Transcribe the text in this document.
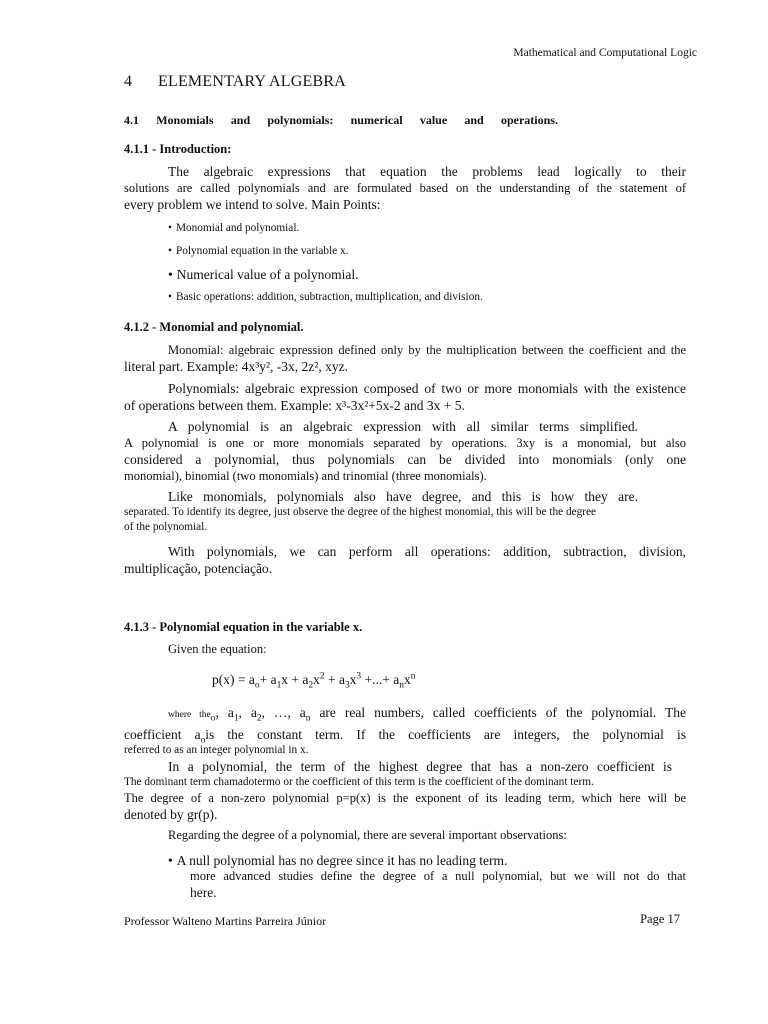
Mathematical and Computational Logic
4 ELEMENTARY ALGEBRA
4.1 Monomials and polynomials: numerical value and operations.
4.1.1 - Introduction:

The algebraic expressions that equation the problems lead logically to their

solutions are called polynomials and are formulated based on the understanding of the statement of

every problem we intend to solve. Main Points:

• Monomial and polynomial.
• Polynomial equation in the variable x.
• Numerical value of a polynomial.
• Basic operations: addition, subtraction, multiplication, and division.
4.1.2 - Monomial and polynomial.

Monomial: algebraic expression defined only by the multiplication between the coefficient and the

literal part. Example: 4x³y², -3x, 2z², xyz.

Polynomials: algebraic expression composed of two or more monomials with the existence

of operations between them. Example: x³-3x²+5x-2 and 3x + 5.

A polynomial is an algebraic expression with all similar terms simplified.

A polynomial is one or more monomials separated by operations. 3xy is a monomial, but also

considered a polynomial, thus polynomials can be divided into monomials (only one

monomial), binomial (two monomials) and trinomial (three monomials).

Like monomials, polynomials also have degree, and this is how they are.

separated. To identify its degree, just observe the degree of the highest monomial, this will be the degree

of the polynomial.

With polynomials, we can perform all operations: addition, subtraction, division,

multiplicação, potenciação.

4.1.3 - Polynomial equation in the variable x.
Given the equation:
$p(x) = a_o+ a_1x + a_2x^2 + a_3x^3$ +...+ $a_nx^n$

where the$_o$, $a_1$, $a_2$, …, $a_n$ are real numbers, called coefficients of the polynomial. The

coefficient $a_ois$ the constant term. If the coefficients are integers, the polynomial is

referred to as an integer polynomial in x.

In a polynomial, the term of the highest degree that has a non-zero coefficient is

The dominant term chamadotermo or the coefficient of this term is the coefficient of the dominant term.

The degree of a non-zero polynomial p=p(x) is the exponent of its leading term, which here will be

denoted by gr(p).

Regarding the degree of a polynomial, there are several important observations:
• A null polynomial has no degree since it has no leading term.

more advanced studies define the degree of a null polynomial, but we will not do that

here.

Professor Walteno Martins Parreira Júnior	Page 17
